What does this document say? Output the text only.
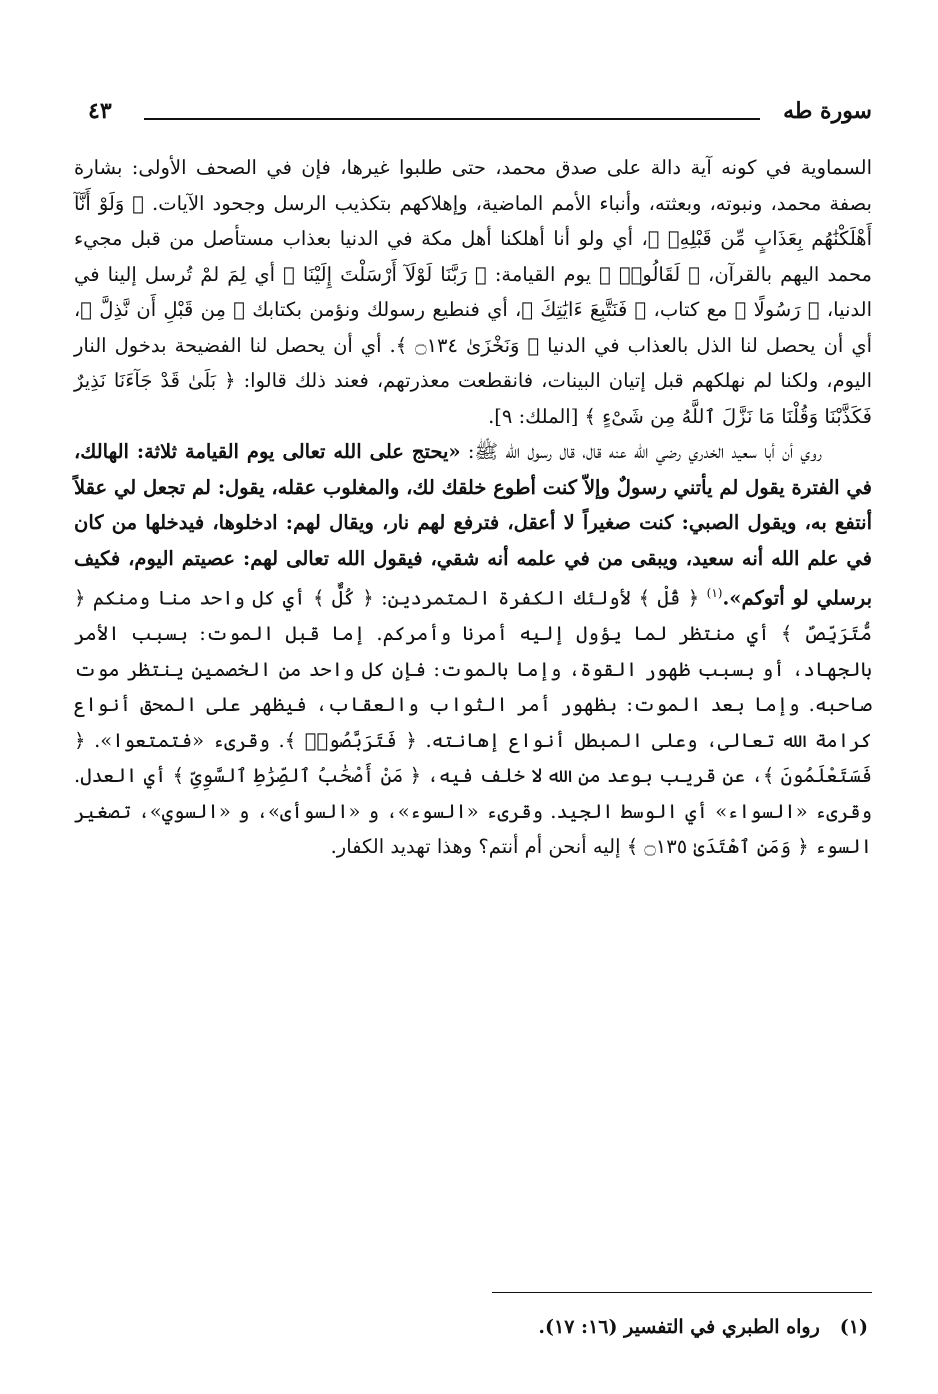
سورة طه
٤٣

السماوية في كونه آية دالة على صدق محمد، حتى طلبوا غيرها، فإن في الصحف الأولى: بشارة بصفة محمد، ونبوته، وبعثته، وأنباء الأمم الماضية، وإهلاكهم بتكذيب الرسل وجحود الآيات. ﴿ وَلَوْ أَنَّآ أَهْلَكْنَٰهُم بِعَذَابٍ مِّن قَبْلِهِۦ ﴾، أي ولو أنا أهلكنا أهل مكة في الدنيا بعذاب مستأصل من قبل مجيء محمد اليهم بالقرآن، ﴿ لَقَالُوا۟ ﴾ يوم القيامة: ﴿ رَبَّنَا لَوْلَآ أَرْسَلْتَ إِلَيْنَا ﴾ أي لِمَ لمْ تُرسل إلينا في الدنيا، ﴿ رَسُولًا ﴾ مع كتاب، ﴿ فَنَتَّبِعَ ءَايَٰتِكَ ﴾، أي فنطيع رسولك ونؤمن بكتابك ﴿ مِن قَبْلِ أَن نَّذِلَّ ﴾، أي أن يحصل لنا الذل بالعذاب في الدنيا ﴿ وَنَخْزَىٰ ۝١٣٤ ﴾. أي أن يحصل لنا الفضيحة بدخول النار اليوم، ولكنا لم نهلكهم قبل إتيان البينات، فانقطعت معذرتهم، فعند ذلك قالوا: ﴿ بَلَىٰ قَدْ جَآءَنَا نَذِيرٌ فَكَذَّبْنَا وَقُلْنَا مَا نَزَّلَ ٱللَّهُ مِن شَىْءٍ ﴾ [الملك: ٩].

روي أن أبا سعيد الخدري رضي الله عنه قال، قال رسول الله ﷺ: «يحتج على الله تعالى يوم القيامة ثلاثة: الهالك، في الفترة يقول لم يأتني رسولٌ وإلاّ كنت أطوع خلقك لك، والمغلوب عقله، يقول: لم تجعل لي عقلاً أنتفع به، ويقول الصبي: كنت صغيراً لا أعقل، فترفع لهم نار، ويقال لهم: ادخلوها، فيدخلها من كان في علم الله أنه سعيد، ويبقى من في علمه أنه شقي، فيقول الله تعالى لهم: عصيتم اليوم، فكيف برسلي لو أتوكم».$^{(١)}$ ﴿ قُلْ ﴾ لأولئك الكفرة المتمردين: ﴿ كُلٌّ ﴾ أي كل واحد منا ومنكم ﴿ مُّتَرَبِّصٌ ﴾ أي منتظر لما يؤول إليه أمرنا وأمركم. إما قبل الموت: بسبب الأمر بالجهاد، أو بسبب ظهور القوة، وإما بالموت: فإن كل واحد من الخصمين ينتظر موت صاحبه. وإما بعد الموت: بظهور أمر الثواب والعقاب، فيظهر على المحق أنواع كرامة الله تعالى، وعلى المبطل أنواع إهانته. ﴿ فَتَرَبَّصُوا۟ ﴾. وقرىء «فتمتعوا». ﴿ فَسَتَعْلَمُونَ ﴾، عن قريب بوعد من الله لا خلف فيه، ﴿ مَنْ أَصْحَٰبُ ٱلصِّرَٰطِ ٱلسَّوِىِّ ﴾ أي العدل. وقرىء «السواء» أي الوسط الجيد. وقرىء «السوء»، و «السوأى»، و «السوي»، تصغير السوء ﴿ وَمَنِ ٱهْتَدَىٰ ۝١٣٥ ﴾ إليه أنحن أم أنتم؟ وهذا تهديد الكفار.

(١)رواه الطبري في التفسير (١٦: ١٧).
